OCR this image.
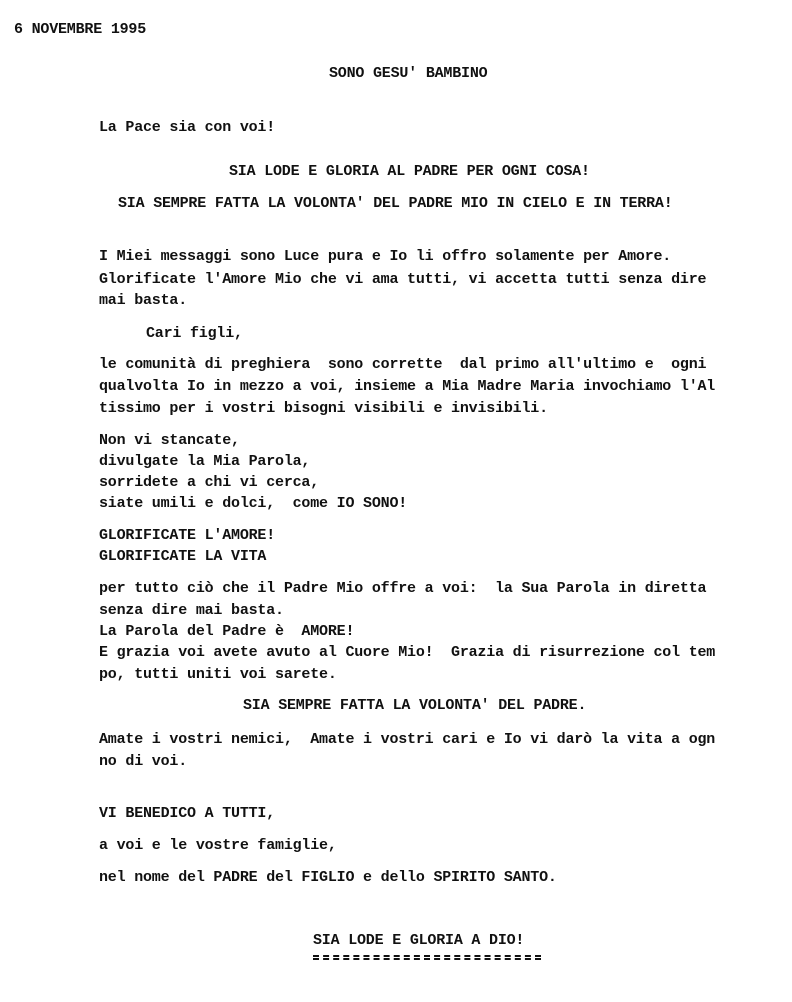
6 NOVEMBRE 1995
SONO GESU' BAMBINO
La Pace sia con voi!
SIA LODE E GLORIA AL PADRE PER OGNI COSA!
SIA SEMPRE FATTA LA VOLONTA' DEL PADRE MIO IN CIELO E IN TERRA!
I Miei messaggi sono Luce pura e Io li offro solamente per Amore.
Glorificate l'Amore Mio che vi ama tutti, vi accetta tutti senza dire
mai basta.
Cari figli,
le comunità di preghiera  sono corrette  dal primo all'ultimo e  ogni
qualvolta Io in mezzo a voi, insieme a Mia Madre Maria invochiamo l'Al
tissimo per i vostri bisogni visibili e invisibili.
Non vi stancate,
divulgate la Mia Parola,
sorridete a chi vi cerca,
siate umili e dolci,  come IO SONO!
GLORIFICATE L'AMORE!
GLORIFICATE LA VITA
per tutto ciò che il Padre Mio offre a voi:  la Sua Parola in diretta
senza dire mai basta.
La Parola del Padre è  AMORE!
E grazia voi avete avuto al Cuore Mio!  Grazia di risurrezione col tem
po, tutti uniti voi sarete.
SIA SEMPRE FATTA LA VOLONTA' DEL PADRE.
Amate i vostri nemici,  Amate i vostri cari e Io vi darò la vita a ogn
no di voi.
VI BENEDICO A TUTTI,
a voi e le vostre famiglie,
nel nome del PADRE del FIGLIO e dello SPIRITO SANTO.
SIA LODE E GLORIA A DIO!
